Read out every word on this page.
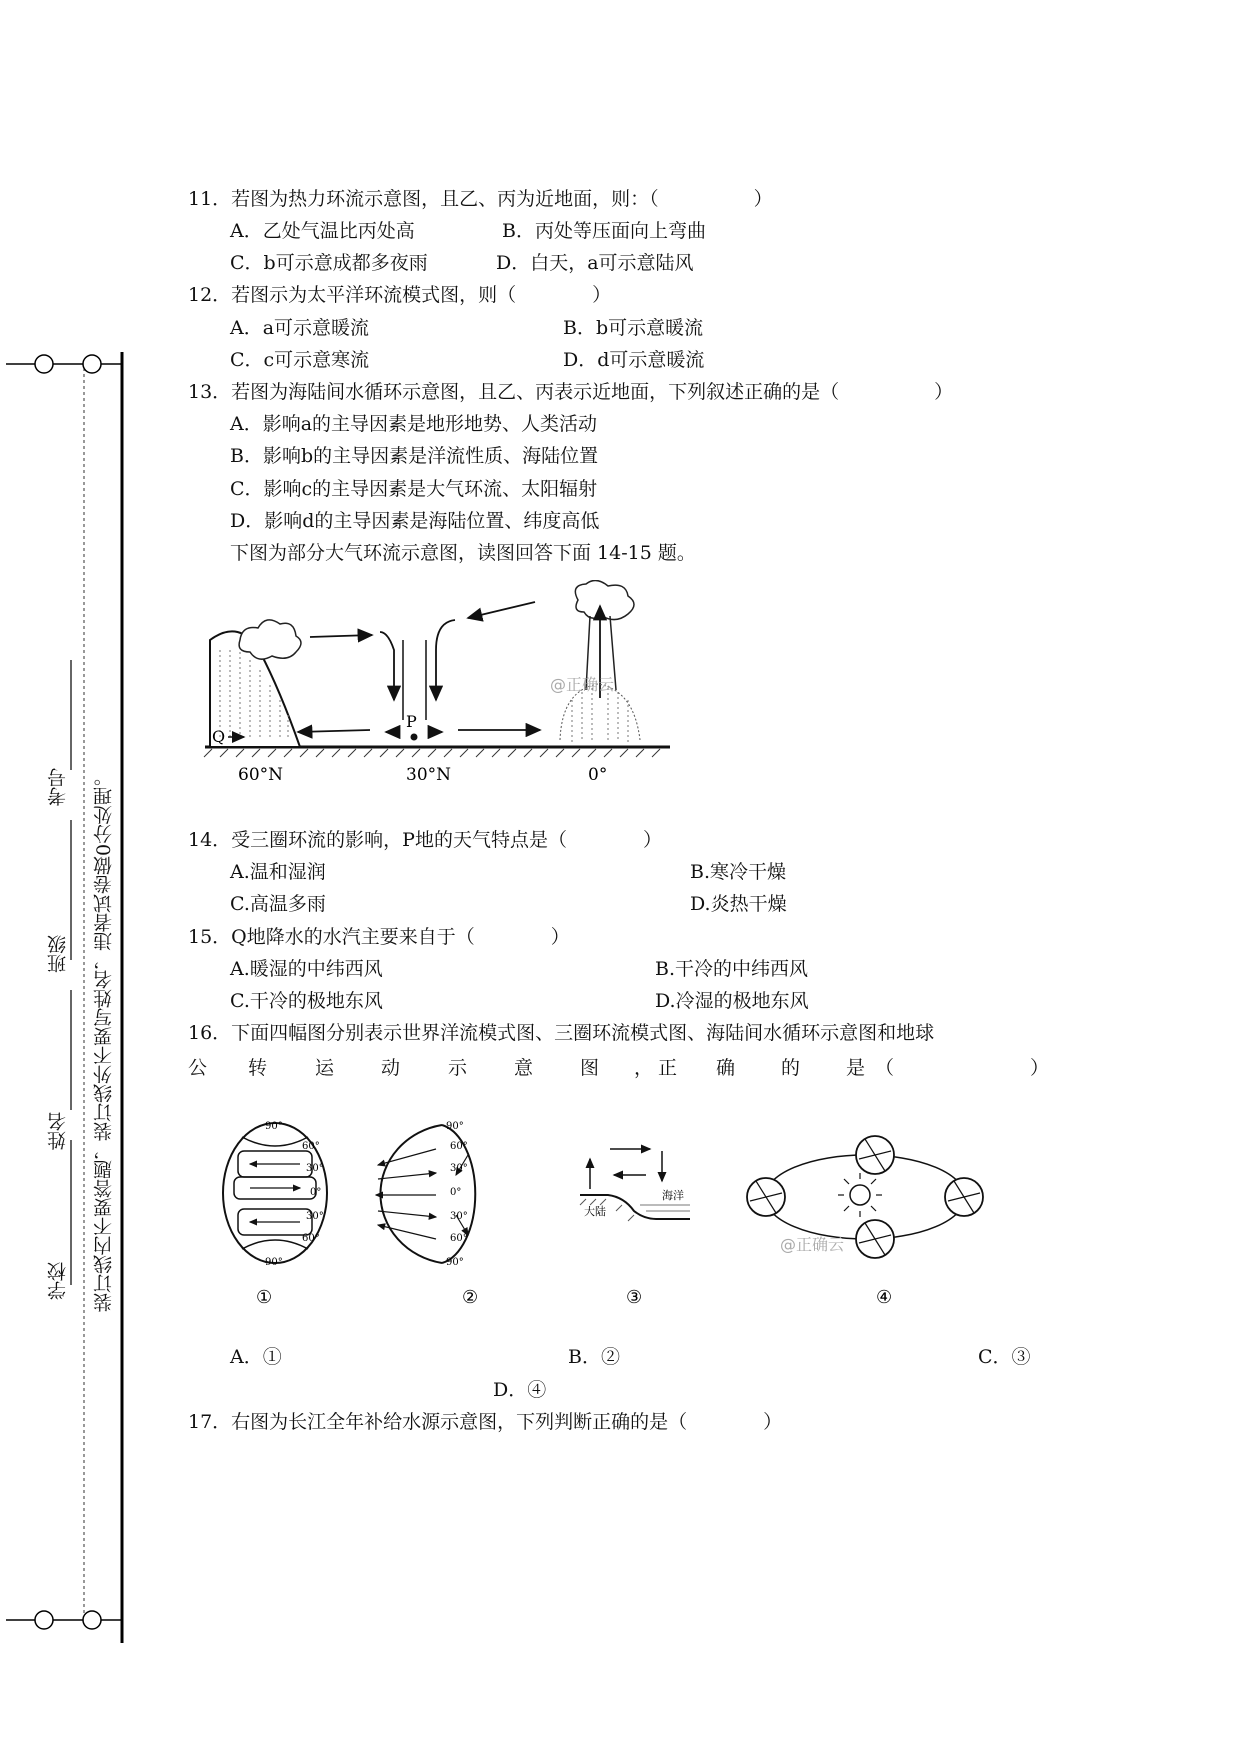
装订线内不要答题，装订线外不要写姓名，违者试卷做0分处理。
学校
姓名
班级
考号
11．若图为热力环流示意图，且乙、丙为近地面，则：（　　　　　）
A．乙处气温比丙处高	B．丙处等压面向上弯曲
C．b可示意成都多夜雨	D．白天，a可示意陆风
12．若图示为太平洋环流模式图，则（　　　　）
A．a可示意暖流	B．b可示意暖流
C．c可示意寒流	D．d可示意暖流
13．若图为海陆间水循环示意图，且乙、丙表示近地面，下列叙述正确的是（　　　　　）
A．影响a的主导因素是地形地势、人类活动
B．影响b的主导因素是洋流性质、海陆位置
C．影响c的主导因素是大气环流、太阳辐射
D．影响d的主导因素是海陆位置、纬度高低
下图为部分大气环流示意图，读图回答下面 14-15 题。
Q
P
@正确云
60°N	30°N	0°
14．受三圈环流的影响，P地的天气特点是（　　　　）
A.温和湿润	B.寒冷干燥
C.高温多雨	D.炎热干燥
15．Q地降水的水汽主要来自于（　　　　）
A.暖湿的中纬西风	B.干冷的中纬西风
C.干冷的极地东风	D.冷湿的极地东风
16．下面四幅图分别表示世界洋流模式图、三圈环流模式图、海陆间水循环示意图和地球
公 转	运 动	示 意 图 ， 正 确 的 是 （	）
90°
60°
30°
0°
30°
60°
90°
①
90°
60°
30°
0°
30°
60°
90°
②
大陆
海洋
③
@正确云
④
A．①	B．②	C．③
D．④
17．右图为长江全年补给水源示意图，下列判断正确的是（　　　　）
